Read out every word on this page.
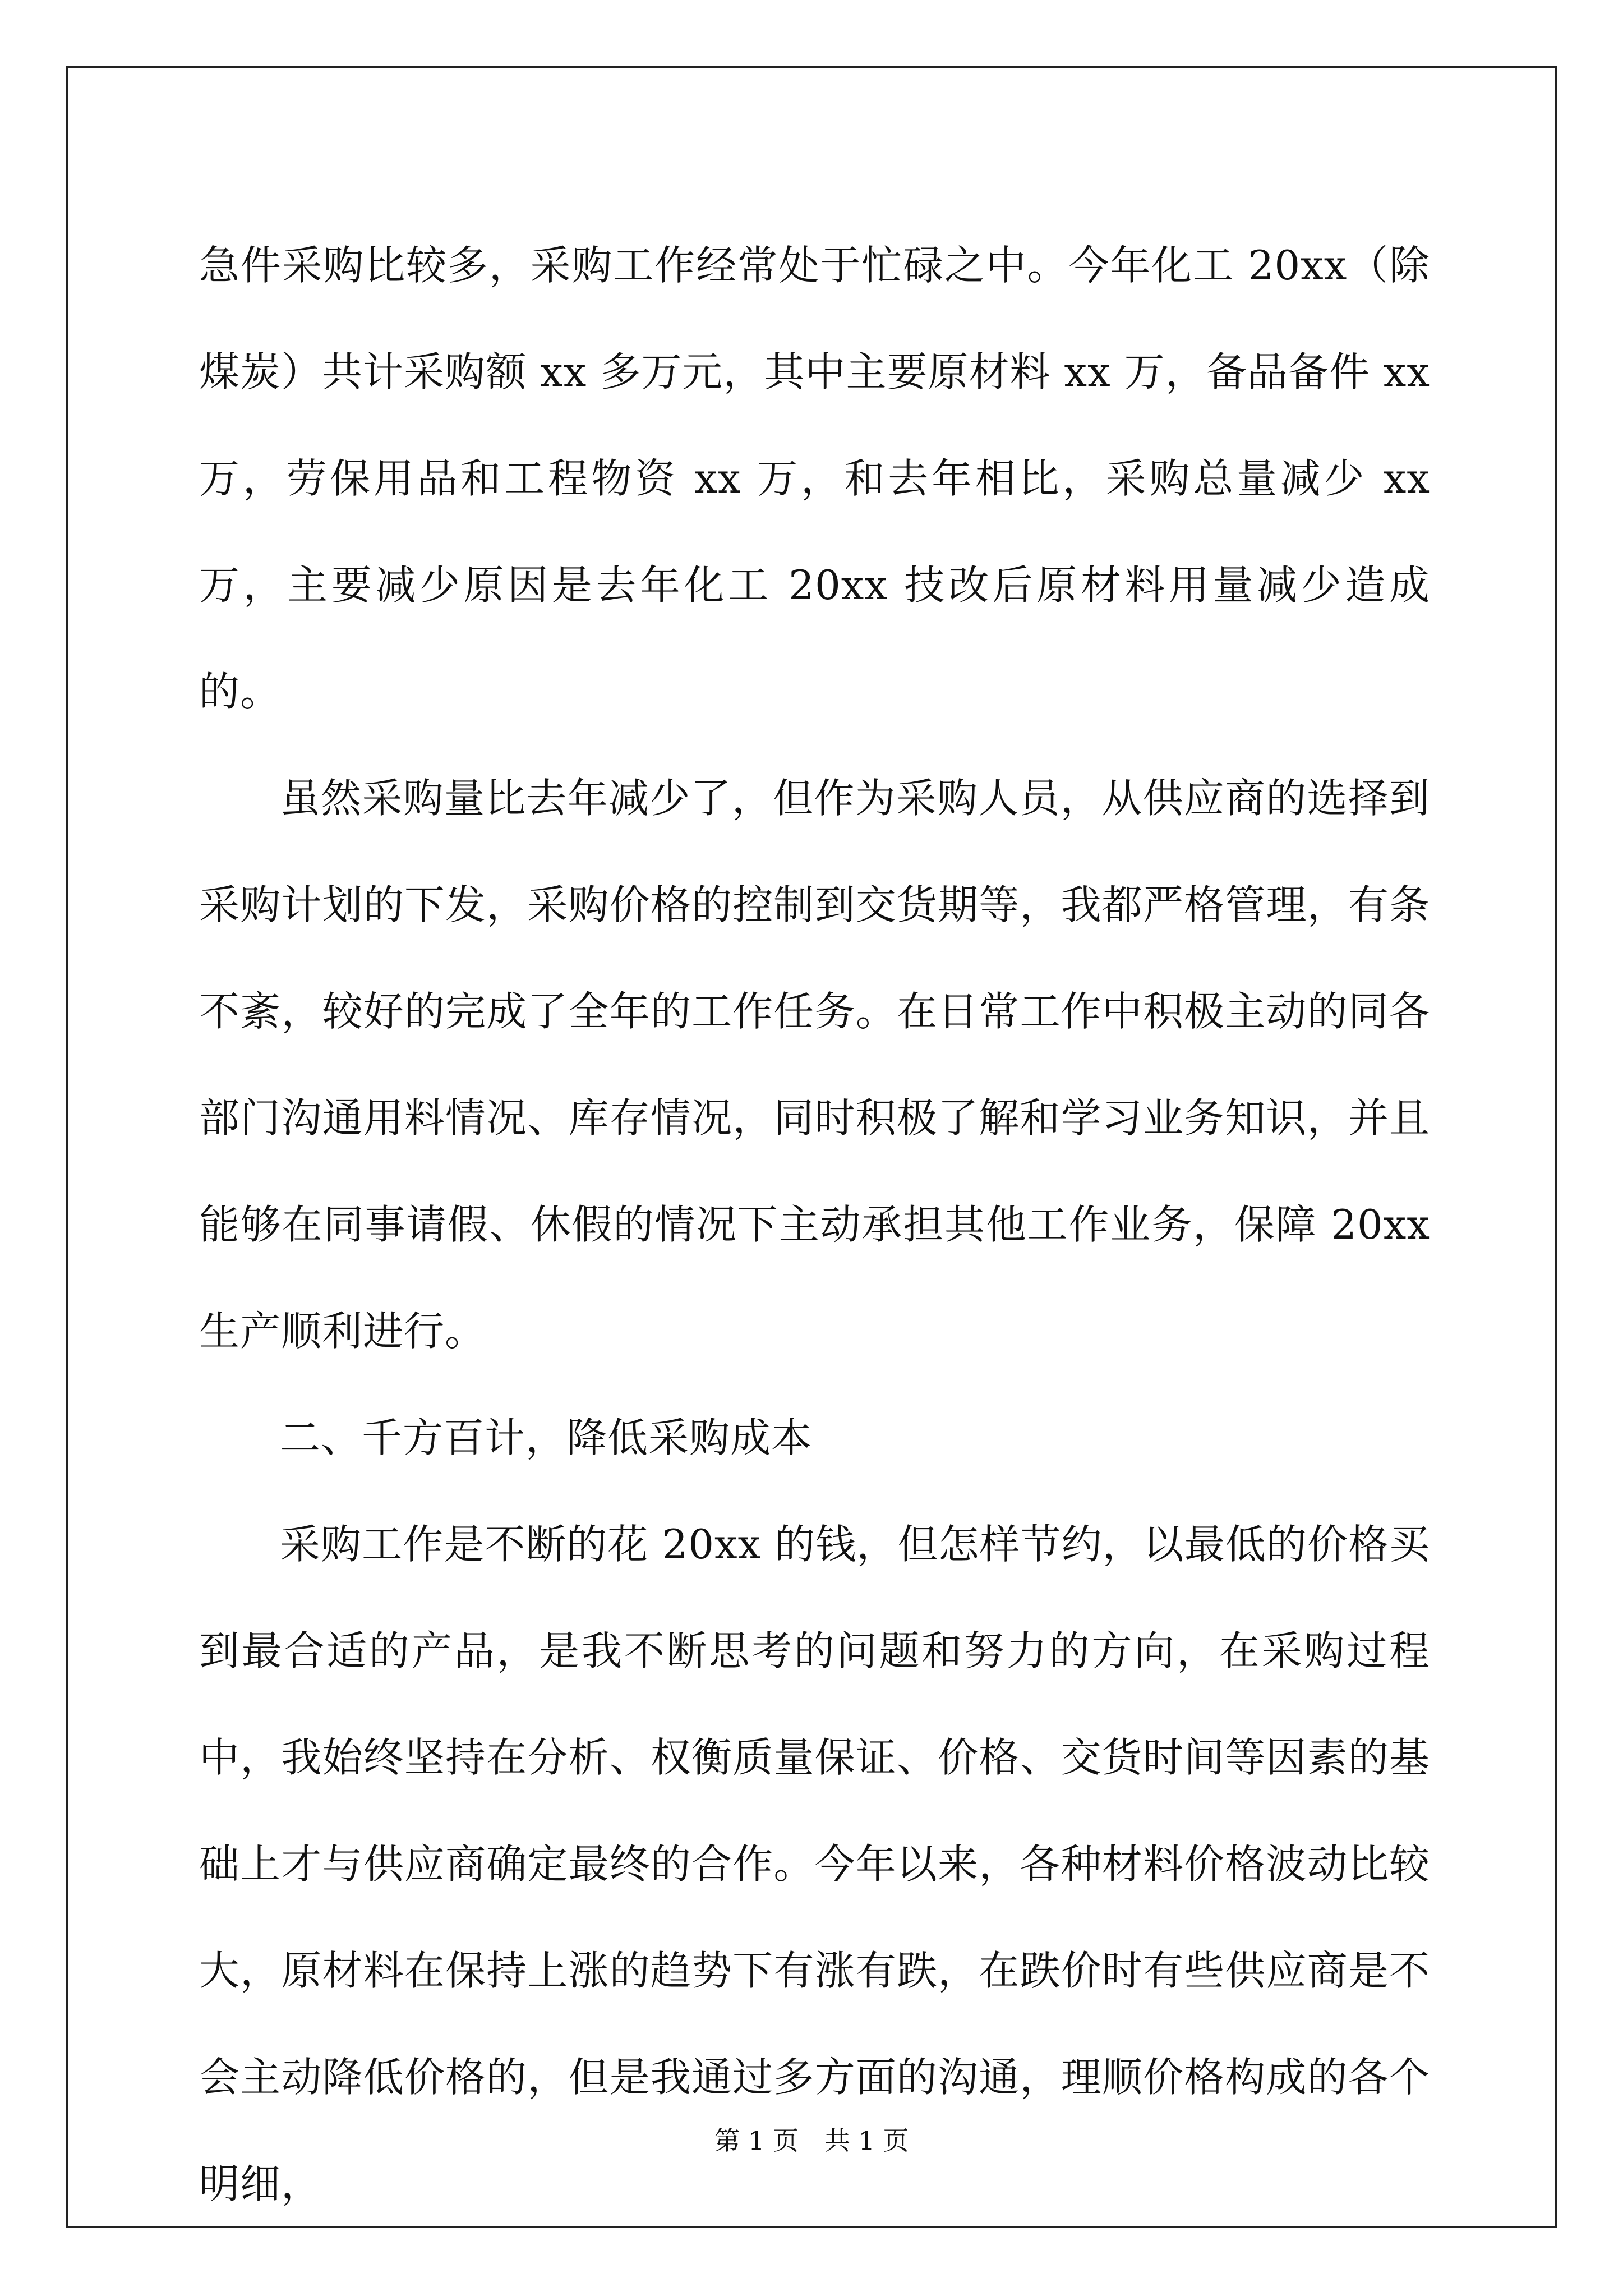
急件采购比较多，采购工作经常处于忙碌之中。今年化工 20xx（除煤炭）共计采购额 xx 多万元，其中主要原材料 xx 万，备品备件 xx 万，劳保用品和工程物资 xx 万，和去年相比，采购总量减少 xx 万，主要减少原因是去年化工 20xx 技改后原材料用量减少造成的。

虽然采购量比去年减少了，但作为采购人员，从供应商的选择到采购计划的下发，采购价格的控制到交货期等，我都严格管理，有条不紊，较好的完成了全年的工作任务。在日常工作中积极主动的同各部门沟通用料情况、库存情况，同时积极了解和学习业务知识，并且能够在同事请假、休假的情况下主动承担其他工作业务，保障 20xx 生产顺利进行。

二、千方百计，降低采购成本

采购工作是不断的花 20xx 的钱，但怎样节约，以最低的价格买到最合适的产品，是我不断思考的问题和努力的方向，在采购过程中，我始终坚持在分析、权衡质量保证、价格、交货时间等因素的基础上才与供应商确定最终的合作。今年以来，各种材料价格波动比较大，原材料在保持上涨的趋势下有涨有跌，在跌价时有些供应商是不会主动降低价格的，但是我通过多方面的沟通，理顺价格构成的各个明细，

第 1 页 共 1 页
